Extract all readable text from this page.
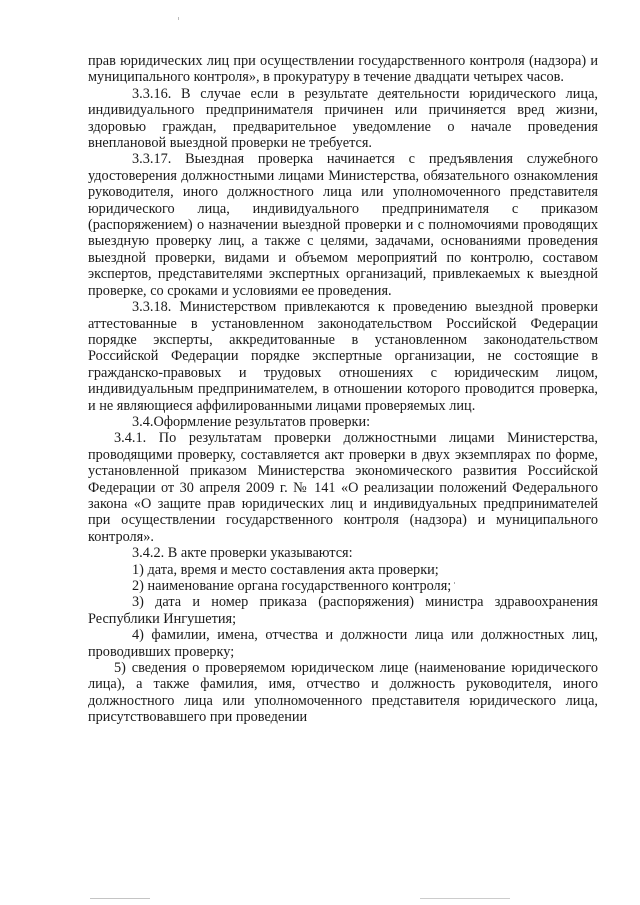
прав юридических лиц при осуществлении государственного контроля (надзора) и муниципального контроля», в прокуратуру в течение двадцати четырех часов.

3.3.16. В случае если в результате деятельности юридического лица, индивидуального предпринимателя причинен или причиняется вред жизни, здоровью граждан, предварительное уведомление о начале проведения внеплановой выездной проверки не требуется.

3.3.17. Выездная проверка начинается с предъявления служебного удостоверения должностными лицами Министерства, обязательного ознакомления руководителя, иного должностного лица или уполномоченного представителя юридического лица, индивидуального предпринимателя с приказом (распоряжением) о назначении выездной проверки и с полномочиями проводящих выездную проверку лиц, а также с целями, задачами, основаниями проведения выездной проверки, видами и объемом мероприятий по контролю, составом экспертов, представителями экспертных организаций, привлекаемых к выездной проверке, со сроками и условиями ее проведения.

3.3.18. Министерством привлекаются к проведению выездной проверки аттестованные в установленном законодательством Российской Федерации порядке эксперты, аккредитованные в установленном законодательством Российской Федерации порядке экспертные организации, не состоящие в гражданско-правовых и трудовых отношениях с юридическим лицом, индивидуальным предпринимателем, в отношении которого проводится проверка, и не являющиеся аффилированными лицами проверяемых лиц.

3.4.Оформление результатов проверки:

3.4.1. По результатам проверки должностными лицами Министерства, проводящими проверку, составляется акт проверки в двух экземплярах по форме, установленной приказом Министерства экономического развития Российской Федерации от 30 апреля 2009 г. № 141 «О реализации положений Федерального закона «О защите прав юридических лиц и индивидуальных предпринимателей при осуществлении государственного контроля (надзора) и муниципального контроля».

3.4.2. В акте проверки указываются:

1) дата, время и место составления акта проверки;

2) наименование органа государственного контроля;

3) дата и номер приказа (распоряжения) министра здравоохранения Республики Ингушетия;

4) фамилии, имена, отчества и должности лица или должностных лиц, проводивших проверку;

5) сведения о проверяемом юридическом лице (наименование юридического лица), а также фамилия, имя, отчество и должность руководителя, иного должностного лица или уполномоченного представителя юридического лица, присутствовавшего при проведении
